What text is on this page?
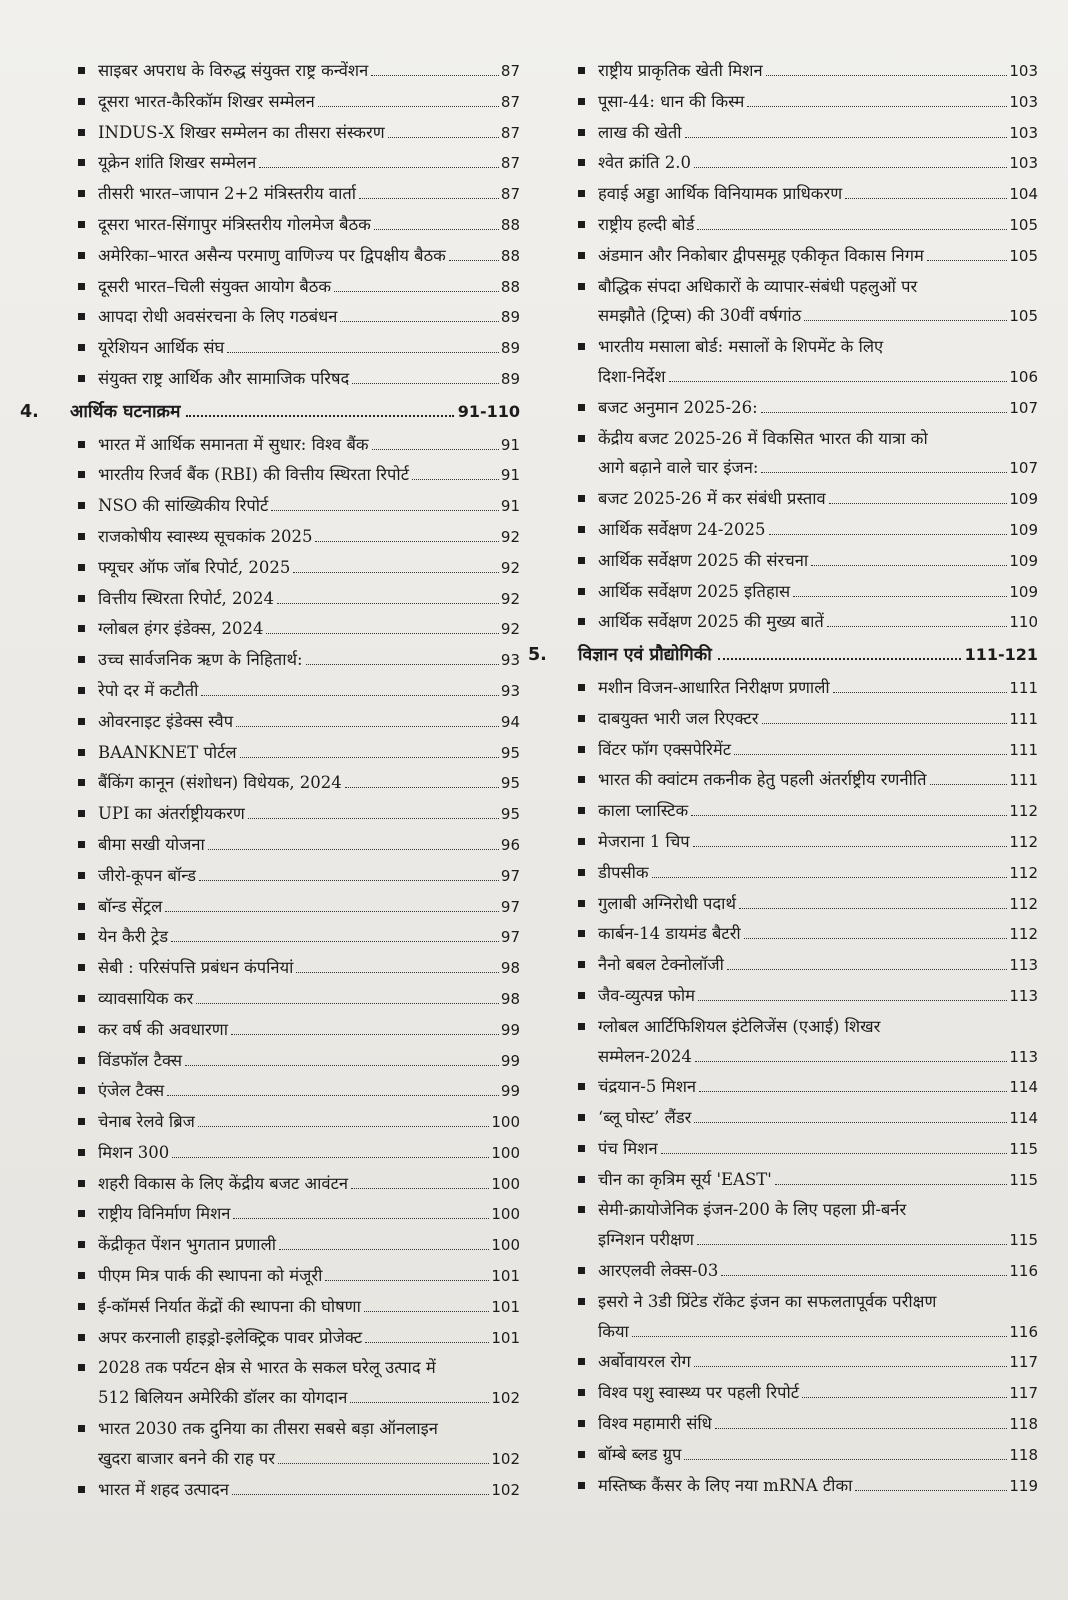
साइबर अपराध के विरुद्ध संयुक्त राष्ट्र कन्वेंशन	87
दूसरा भारत-कैरिकॉम शिखर सम्मेलन	87
INDUS-X शिखर सम्मेलन का तीसरा संस्करण	87
यूक्रेन शांति शिखर सम्मेलन	87
तीसरी भारत–जापान 2+2 मंत्रिस्तरीय वार्ता	87
दूसरा भारत-सिंगापुर मंत्रिस्तरीय गोलमेज बैठक	88
अमेरिका–भारत असैन्य परमाणु वाणिज्य पर द्विपक्षीय बैठक	88
दूसरी भारत–चिली संयुक्त आयोग बैठक	88
आपदा रोधी अवसंरचना के लिए गठबंधन	89
यूरेशियन आर्थिक संघ	89
संयुक्त राष्ट्र आर्थिक और सामाजिक परिषद	89
4.	आर्थिक घटनाक्रम	91-110
भारत में आर्थिक समानता में सुधार: विश्व बैंक	91
भारतीय रिजर्व बैंक (RBI) की वित्तीय स्थिरता रिपोर्ट	91
NSO की सांख्यिकीय रिपोर्ट	91
राजकोषीय स्वास्थ्य सूचकांक 2025	92
फ्यूचर ऑफ जॉब रिपोर्ट, 2025	92
वित्तीय स्थिरता रिपोर्ट, 2024	92
ग्लोबल हंगर इंडेक्स, 2024	92
उच्च सार्वजनिक ऋण के निहितार्थ:	93
रेपो दर में कटौती	93
ओवरनाइट इंडेक्स स्वैप	94
BAANKNET पोर्टल	95
बैंकिंग कानून (संशोधन) विधेयक, 2024	95
UPI का अंतर्राष्ट्रीयकरण	95
बीमा सखी योजना	96
जीरो-कूपन बॉन्ड	97
बॉन्ड सेंट्रल	97
येन कैरी ट्रेड	97
सेबी : परिसंपत्ति प्रबंधन कंपनियां	98
व्यावसायिक कर	98
कर वर्ष की अवधारणा	99
विंडफॉल टैक्स	99
एंजेल टैक्स	99
चेनाब रेलवे ब्रिज	100
मिशन 300	100
शहरी विकास के लिए केंद्रीय बजट आवंटन	100
राष्ट्रीय विनिर्माण मिशन	100
केंद्रीकृत पेंशन भुगतान प्रणाली	100
पीएम मित्र पार्क की स्थापना को मंजूरी	101
ई-कॉमर्स निर्यात केंद्रों की स्थापना की घोषणा	101
अपर करनाली हाइड्रो-इलेक्ट्रिक पावर प्रोजेक्ट	101
2028 तक पर्यटन क्षेत्र से भारत के सकल घरेलू उत्पाद में
512 बिलियन अमेरिकी डॉलर का योगदान	102
भारत 2030 तक दुनिया का तीसरा सबसे बड़ा ऑनलाइन
खुदरा बाजार बनने की राह पर	102
भारत में शहद उत्पादन	102
राष्ट्रीय प्राकृतिक खेती मिशन	103
पूसा-44: धान की किस्म	103
लाख की खेती	103
श्वेत क्रांति 2.0	103
हवाई अड्डा आर्थिक विनियामक प्राधिकरण	104
राष्ट्रीय हल्दी बोर्ड	105
अंडमान और निकोबार द्वीपसमूह एकीकृत विकास निगम	105
बौद्धिक संपदा अधिकारों के व्यापार-संबंधी पहलुओं पर
समझौते (ट्रिप्स) की 30वीं वर्षगांठ	105
भारतीय मसाला बोर्ड: मसालों के शिपमेंट के लिए
दिशा-निर्देश	106
बजट अनुमान 2025-26:	107
केंद्रीय बजट 2025-26 में विकसित भारत की यात्रा को
आगे बढ़ाने वाले चार इंजन:	107
बजट 2025-26 में कर संबंधी प्रस्ताव	109
आर्थिक सर्वेक्षण 24-2025	109
आर्थिक सर्वेक्षण 2025 की संरचना	109
आर्थिक सर्वेक्षण 2025 इतिहास	109
आर्थिक सर्वेक्षण 2025 की मुख्य बातें	110
5.	विज्ञान एवं प्रौद्योगिकी	111-121
मशीन विजन-आधारित निरीक्षण प्रणाली	111
दाबयुक्त भारी जल रिएक्टर	111
विंटर फॉग एक्सपेरिमेंट	111
भारत की क्वांटम तकनीक हेतु पहली अंतर्राष्ट्रीय रणनीति	111
काला प्लास्टिक	112
मेजराना 1 चिप	112
डीपसीक	112
गुलाबी अग्निरोधी पदार्थ	112
कार्बन-14 डायमंड बैटरी	112
नैनो बबल टेक्नोलॉजी	113
जैव-व्युत्पन्न फोम	113
ग्लोबल आर्टिफिशियल इंटेलिजेंस (एआई) शिखर
सम्मेलन-2024	113
चंद्रयान-5 मिशन	114
‘ब्लू घोस्ट’ लैंडर	114
पंच मिशन	115
चीन का कृत्रिम सूर्य 'EAST'	115
सेमी-क्रायोजेनिक इंजन-200 के लिए पहला प्री-बर्नर
इग्निशन परीक्षण	115
आरएलवी लेक्स-03	116
इसरो ने 3डी प्रिंटेड रॉकेट इंजन का सफलतापूर्वक परीक्षण
किया	116
अर्बोवायरल रोग	117
विश्व पशु स्वास्थ्य पर पहली रिपोर्ट	117
विश्व महामारी संधि	118
बॉम्बे ब्लड ग्रुप	118
मस्तिष्क कैंसर के लिए नया mRNA टीका	119
